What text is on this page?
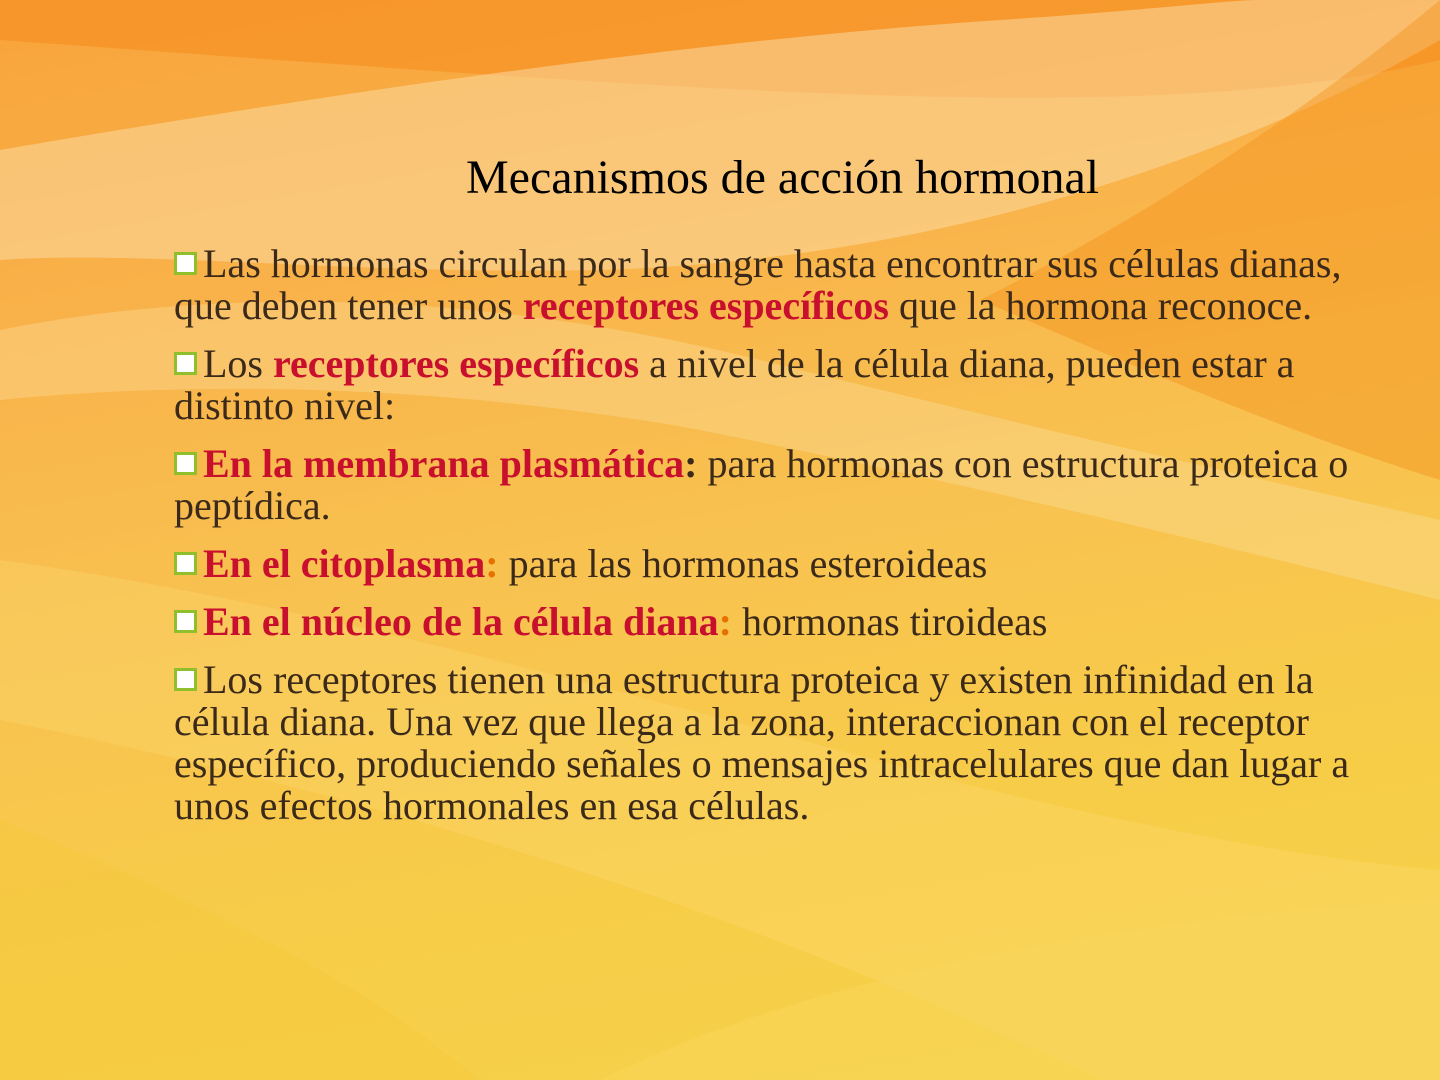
Mecanismos de acción hormonal

Las hormonas circulan por la sangre hasta encontrar sus células dianas, que deben tener unos receptores específicos que la hormona reconoce.

Los receptores específicos a nivel de la célula diana, pueden estar a distinto nivel:

En la membrana plasmática: para hormonas con estructura proteica o peptídica.

En el citoplasma: para las hormonas esteroideas

En el núcleo de la célula diana: hormonas tiroideas

Los receptores tienen una estructura proteica y existen infinidad en la célula diana. Una vez que llega a la zona, interaccionan con el receptor específico, produciendo señales o mensajes intracelulares que dan lugar a unos efectos hormonales en esa células.
